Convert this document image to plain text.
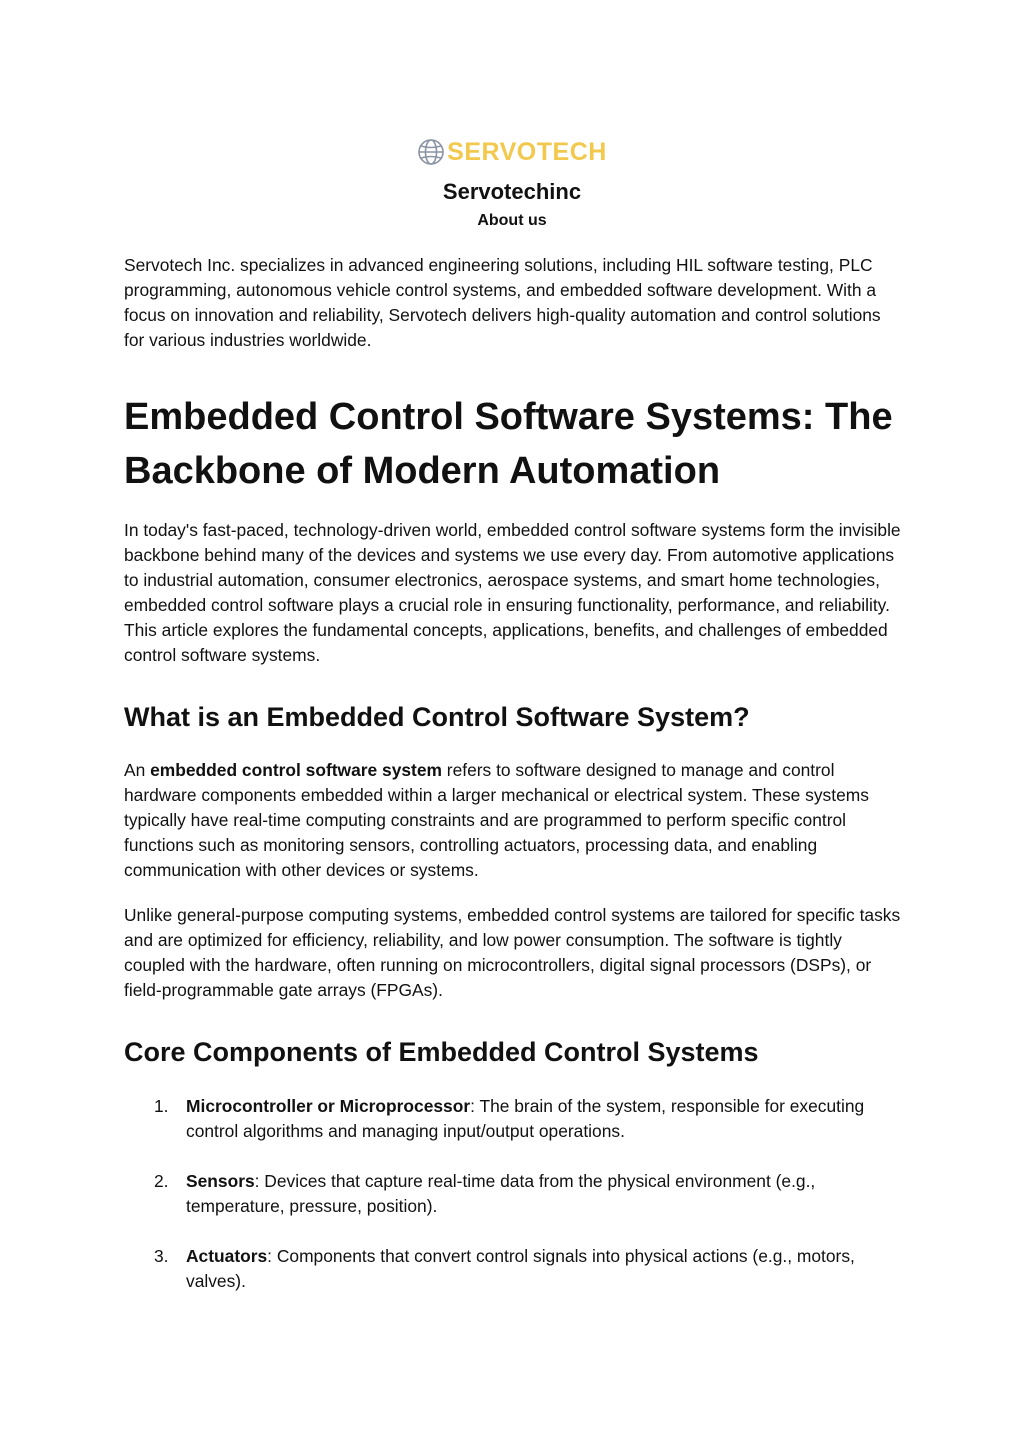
SERVOTECH
Servotechinc
About us

Servotech Inc. specializes in advanced engineering solutions, including HIL software testing, PLC programming, autonomous vehicle control systems, and embedded software development. With a focus on innovation and reliability, Servotech delivers high-quality automation and control solutions for various industries worldwide.

Embedded Control Software Systems: The Backbone of Modern Automation

In today's fast-paced, technology-driven world, embedded control software systems form the invisible backbone behind many of the devices and systems we use every day. From automotive applications to industrial automation, consumer electronics, aerospace systems, and smart home technologies, embedded control software plays a crucial role in ensuring functionality, performance, and reliability. This article explores the fundamental concepts, applications, benefits, and challenges of embedded control software systems.

What is an Embedded Control Software System?

An embedded control software system refers to software designed to manage and control hardware components embedded within a larger mechanical or electrical system. These systems typically have real-time computing constraints and are programmed to perform specific control functions such as monitoring sensors, controlling actuators, processing data, and enabling communication with other devices or systems.

Unlike general-purpose computing systems, embedded control systems are tailored for specific tasks and are optimized for efficiency, reliability, and low power consumption. The software is tightly coupled with the hardware, often running on microcontrollers, digital signal processors (DSPs), or field-programmable gate arrays (FPGAs).

Core Components of Embedded Control Systems
1. Microcontroller or Microprocessor: The brain of the system, responsible for executing control algorithms and managing input/output operations.
2. Sensors: Devices that capture real-time data from the physical environment (e.g., temperature, pressure, position).
3. Actuators: Components that convert control signals into physical actions (e.g., motors, valves).
